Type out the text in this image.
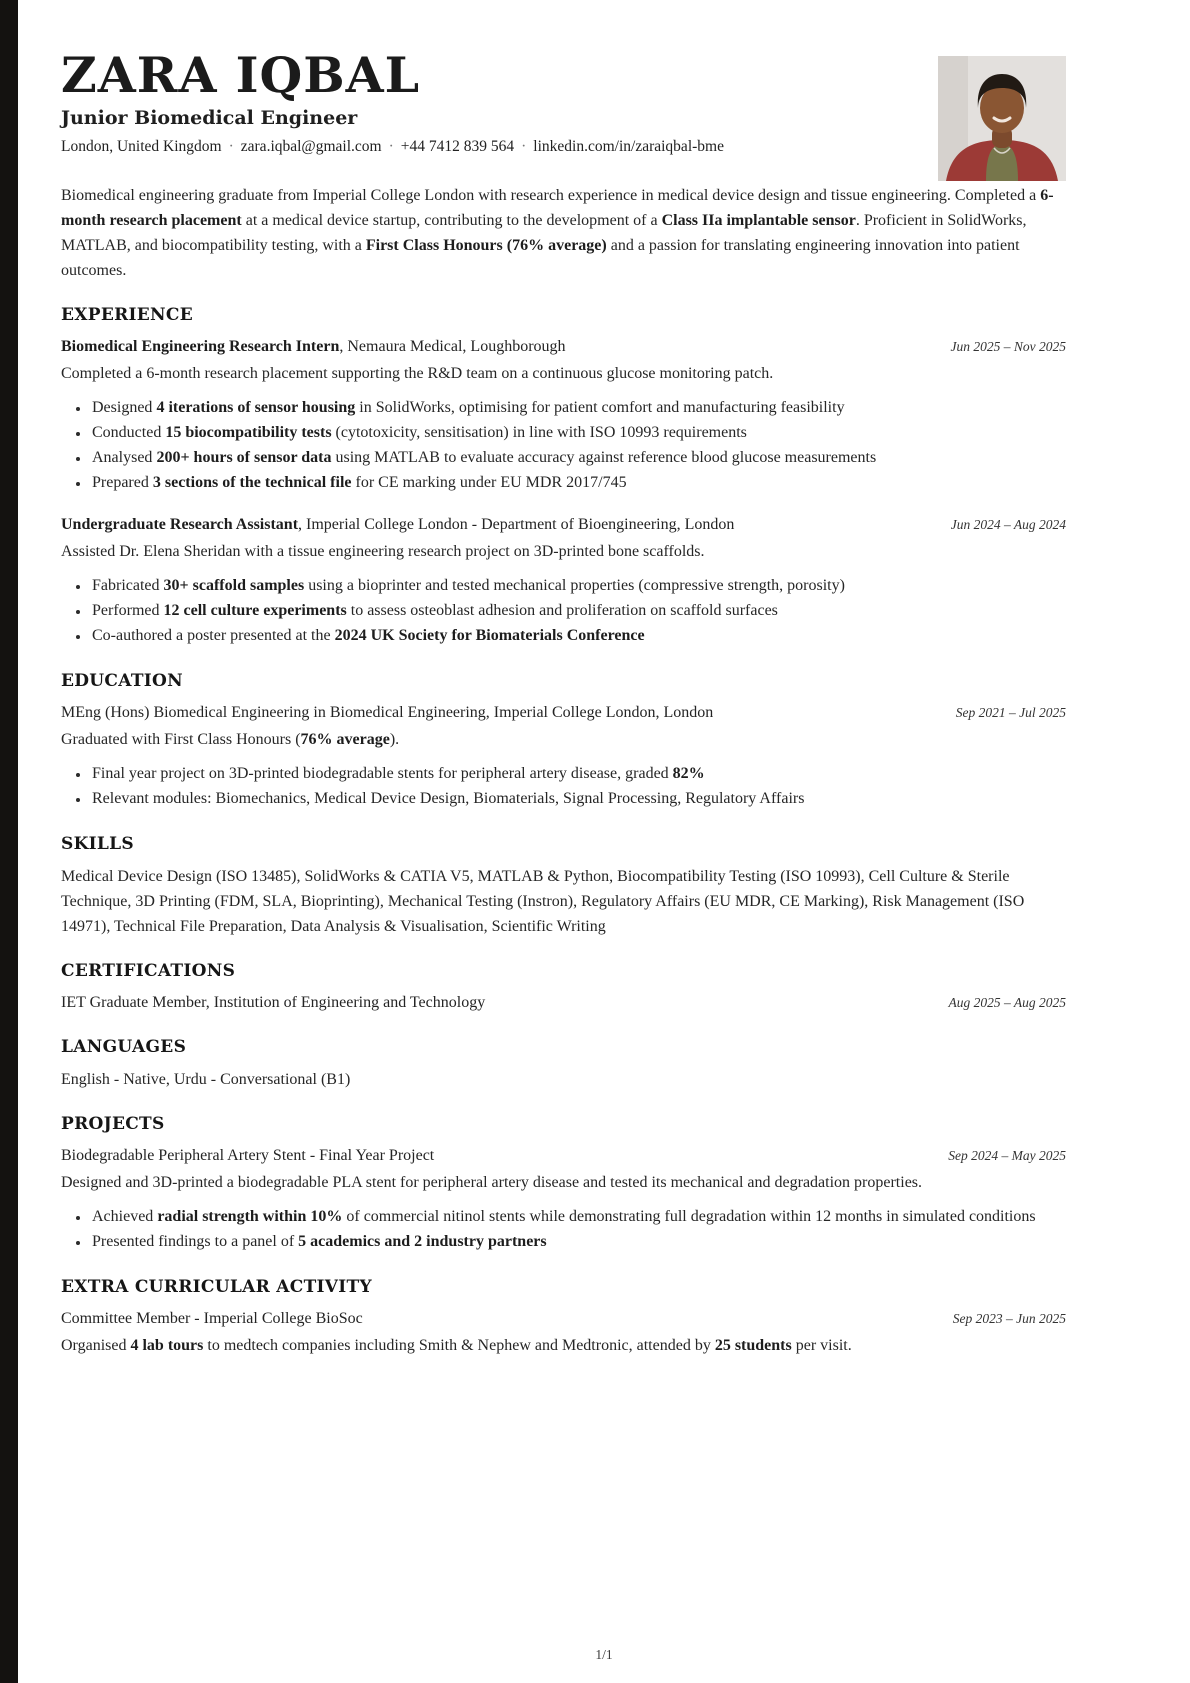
ZARA IQBAL
Junior Biomedical Engineer
London, United Kingdom · zara.iqbal@gmail.com · +44 7412 839 564 · linkedin.com/in/zaraiqbal-bme

Biomedical engineering graduate from Imperial College London with research experience in medical device design and tissue engineering. Completed a 6-month research placement at a medical device startup, contributing to the development of a Class IIa implantable sensor. Proficient in SolidWorks, MATLAB, and biocompatibility testing, with a First Class Honours (76% average) and a passion for translating engineering innovation into patient outcomes.

EXPERIENCE
Biomedical Engineering Research Intern, Nemaura Medical, Loughborough	Jun 2025 – Nov 2025

Completed a 6-month research placement supporting the R&D team on a continuous glucose monitoring patch.

• Designed 4 iterations of sensor housing in SolidWorks, optimising for patient comfort and manufacturing feasibility
• Conducted 15 biocompatibility tests (cytotoxicity, sensitisation) in line with ISO 10993 requirements
• Analysed 200+ hours of sensor data using MATLAB to evaluate accuracy against reference blood glucose measurements
• Prepared 3 sections of the technical file for CE marking under EU MDR 2017/745
Undergraduate Research Assistant, Imperial College London - Department of Bioengineering, London	Jun 2024 – Aug 2024

Assisted Dr. Elena Sheridan with a tissue engineering research project on 3D-printed bone scaffolds.

• Fabricated 30+ scaffold samples using a bioprinter and tested mechanical properties (compressive strength, porosity)
• Performed 12 cell culture experiments to assess osteoblast adhesion and proliferation on scaffold surfaces
• Co-authored a poster presented at the 2024 UK Society for Biomaterials Conference
EDUCATION
MEng (Hons) Biomedical Engineering in Biomedical Engineering, Imperial College London, London	Sep 2021 – Jul 2025

Graduated with First Class Honours (76% average).

• Final year project on 3D-printed biodegradable stents for peripheral artery disease, graded 82%
• Relevant modules: Biomechanics, Medical Device Design, Biomaterials, Signal Processing, Regulatory Affairs
SKILLS

Medical Device Design (ISO 13485), SolidWorks & CATIA V5, MATLAB & Python, Biocompatibility Testing (ISO 10993), Cell Culture & Sterile Technique, 3D Printing (FDM, SLA, Bioprinting), Mechanical Testing (Instron), Regulatory Affairs (EU MDR, CE Marking), Risk Management (ISO 14971), Technical File Preparation, Data Analysis & Visualisation, Scientific Writing

CERTIFICATIONS
IET Graduate Member, Institution of Engineering and Technology	Aug 2025 – Aug 2025
LANGUAGES

English - Native, Urdu - Conversational (B1)

PROJECTS
Biodegradable Peripheral Artery Stent - Final Year Project	Sep 2024 – May 2025

Designed and 3D-printed a biodegradable PLA stent for peripheral artery disease and tested its mechanical and degradation properties.

• Achieved radial strength within 10% of commercial nitinol stents while demonstrating full degradation within 12 months in simulated conditions
• Presented findings to a panel of 5 academics and 2 industry partners
EXTRA CURRICULAR ACTIVITY
Committee Member - Imperial College BioSoc	Sep 2023 – Jun 2025

Organised 4 lab tours to medtech companies including Smith & Nephew and Medtronic, attended by 25 students per visit.

1/1
